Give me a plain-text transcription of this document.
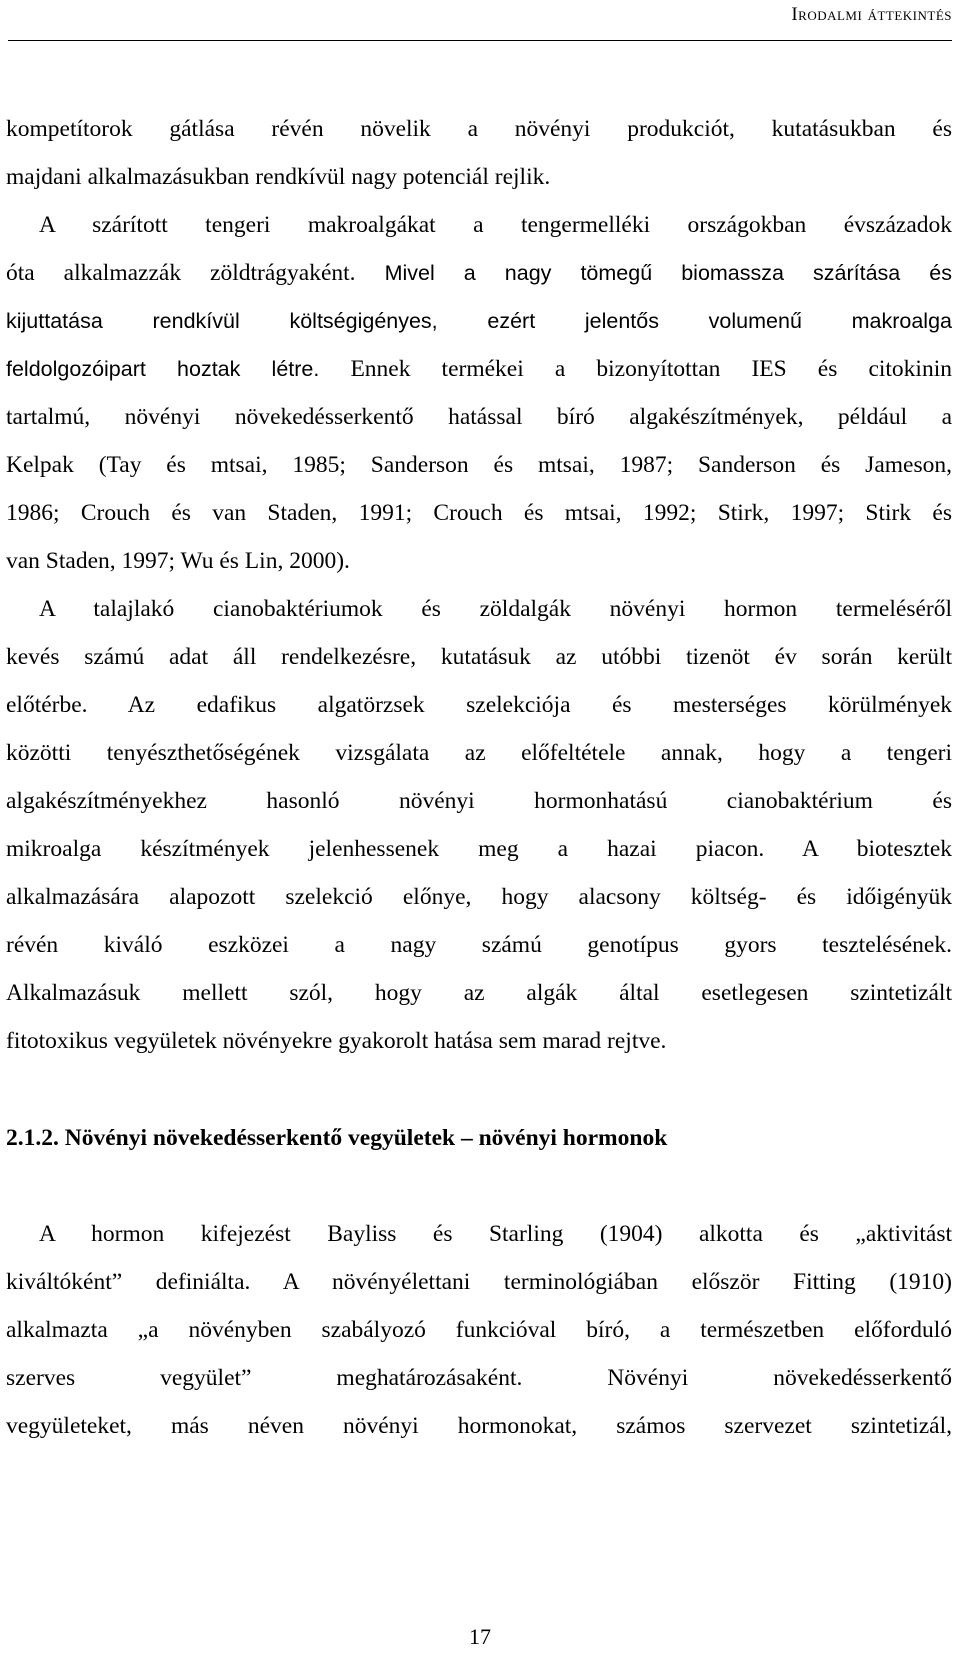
Irodalmi áttekintés
kompetítorok gátlása révén növelik a növényi produkciót, kutatásukban és
majdani alkalmazásukban rendkívül nagy potenciál rejlik.
A szárított tengeri makroalgákat a tengermelléki országokban évszázadok
óta alkalmazzák zöldtrágyaként. Mivel a nagy tömegű biomassza szárítása és
kijuttatása rendkívül költségigényes, ezért jelentős volumenű makroalga
feldolgozóipart hoztak létre. Ennek termékei a bizonyítottan IES és citokinin
tartalmú, növényi növekedésserkentő hatással bíró algakészítmények, például a
Kelpak (Tay és mtsai, 1985; Sanderson és mtsai, 1987; Sanderson és Jameson,
1986; Crouch és van Staden, 1991; Crouch és mtsai, 1992; Stirk, 1997; Stirk és
van Staden, 1997; Wu és Lin, 2000).
A talajlakó cianobaktériumok és zöldalgák növényi hormon termeléséről
kevés számú adat áll rendelkezésre, kutatásuk az utóbbi tizenöt év során került
előtérbe. Az edafikus algatörzsek szelekciója és mesterséges körülmények
közötti tenyészthetőségének vizsgálata az előfeltétele annak, hogy a tengeri
algakészítményekhez hasonló növényi hormonhatású cianobaktérium és
mikroalga készítmények jelenhessenek meg a hazai piacon. A biotesztek
alkalmazására alapozott szelekció előnye, hogy alacsony költség- és időigényük
révén kiváló eszközei a nagy számú genotípus gyors tesztelésének.
Alkalmazásuk mellett szól, hogy az algák által esetlegesen szintetizált
fitotoxikus vegyületek növényekre gyakorolt hatása sem marad rejtve.
2.1.2. Növényi növekedésserkentő vegyületek – növényi hormonok
A hormon kifejezést Bayliss és Starling (1904) alkotta és „aktivitást
kiváltóként” definiálta. A növényélettani terminológiában először Fitting (1910)
alkalmazta „a növényben szabályozó funkcióval bíró, a természetben előforduló
szerves vegyület” meghatározásaként. Növényi növekedésserkentő
vegyületeket, más néven növényi hormonokat, számos szervezet szintetizál,
17
